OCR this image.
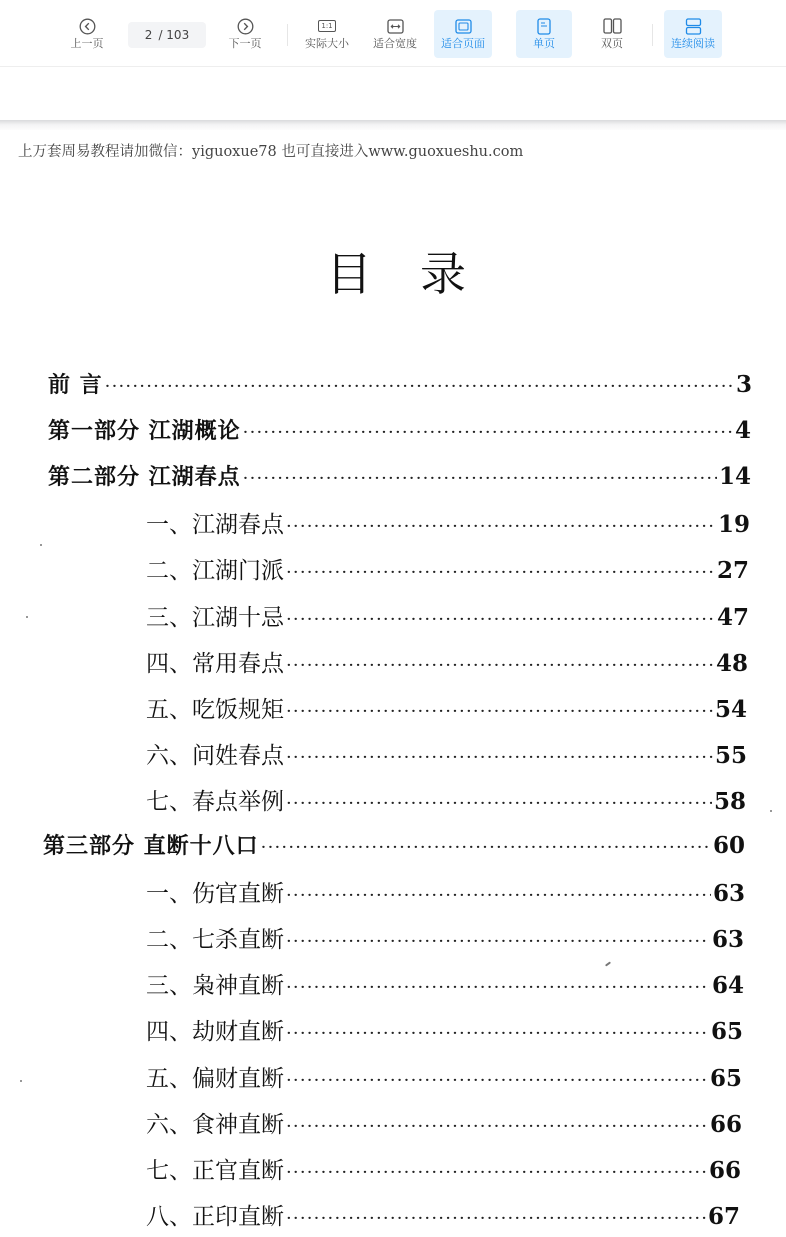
上一页
2 / 103
下一页
1:1
实际大小 适合宽度 适合页面	单页	双页	连续阅读
上万套周易教程请加微信：yiguoxue78 也可直接进入www.guoxueshu.com
目录
前 言 ·····	3
第一部分 江湖概论 ·····	4
第二部分 江湖春点 ·····	14
一、江湖春点 ·····	19
二、江湖门派 ·····	27
三、江湖十忌 ·····	47
四、常用春点 ·····	48
五、吃饭规矩 ·····	54
六、问姓春点 ·····	55
七、春点举例 ·····	58
第三部分 直断十八口 ·····	60
一、伤官直断 ·····	63
二、七杀直断 ·····	63
三、枭神直断 ·····	64
四、劫财直断 ·····	65
五、偏财直断 ·····	65
六、食神直断 ·····	66
七、正官直断 ·····	66
八、正印直断 ·····	67
